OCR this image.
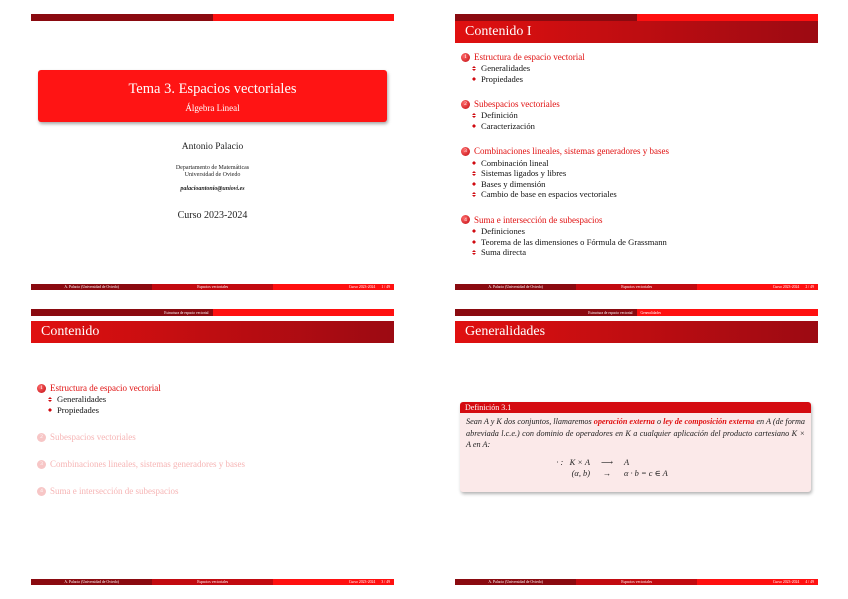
Tema 3. Espacios vectoriales
Álgebra Lineal
Antonio Palacio
Departamento de Matemáticas
Universidad de Oviedo
palacioantonio@uniovi.es
Curso 2023-2024
A. Palacio (Universidad de Oviedo)	Espacios vectoriales	Curso 2023-2024 1 / 49
Contenido I
1 Estructura de espacio vectorial
Generalidades
Propiedades
2 Subespacios vectoriales
Definición
Caracterización
3 Combinaciones lineales, sistemas generadores y bases
Combinación lineal
Sistemas ligados y libres
Bases y dimensión
Cambio de base en espacios vectoriales
4 Suma e intersección de subespacios
Definiciones
Teorema de las dimensiones o Fórmula de Grassmann
Suma directa
A. Palacio (Universidad de Oviedo)	Espacios vectoriales	Curso 2023-2024 2 / 49
Estructura de espacio vectorial
Contenido
1 Estructura de espacio vectorial
Generalidades
Propiedades
2 Subespacios vectoriales
3 Combinaciones lineales, sistemas generadores y bases
4 Suma e intersección de subespacios
A. Palacio (Universidad de Oviedo)	Espacios vectoriales	Curso 2023-2024 3 / 49
Estructura de espacio vectorial	Generalidades
Generalidades
Definición 3.1
Sean A y K dos conjuntos, llamaremos operación externa o ley de composición externa en A (de forma abreviada l.c.e.) con dominio de operadores en K a cualquier aplicación del producto cartesiano K × A en A:
· : K × A	⟶	A
(α, b)	→	α · b = c ∈ A
A. Palacio (Universidad de Oviedo)	Espacios vectoriales	Curso 2023-2024 4 / 49
